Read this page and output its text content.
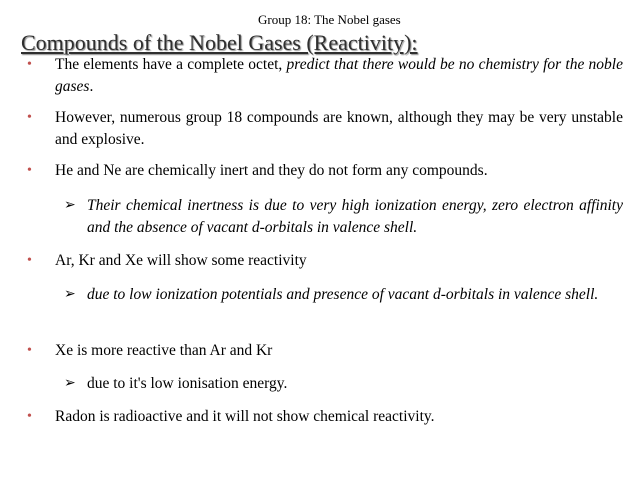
Group 18: The Nobel gases
Compounds of the Nobel Gases (Reactivity):
•	The elements have a complete octet, predict that there would be no chemistry for the noble gases.
•	However, numerous group 18 compounds are known, although they may be very unstable and explosive.
•	He and Ne are chemically inert and they do not form any compounds.
➢ Their chemical inertness is due to very high ionization energy, zero electron affinity and the absence of vacant d-orbitals in valence shell.
•	Ar, Kr and Xe will show some reactivity
➢ due to low ionization potentials and presence of vacant d-orbitals in valence shell.
•	Xe is more reactive than Ar and Kr
➢ due to it's low ionisation energy.
•	Radon is radioactive and it will not show chemical reactivity.
